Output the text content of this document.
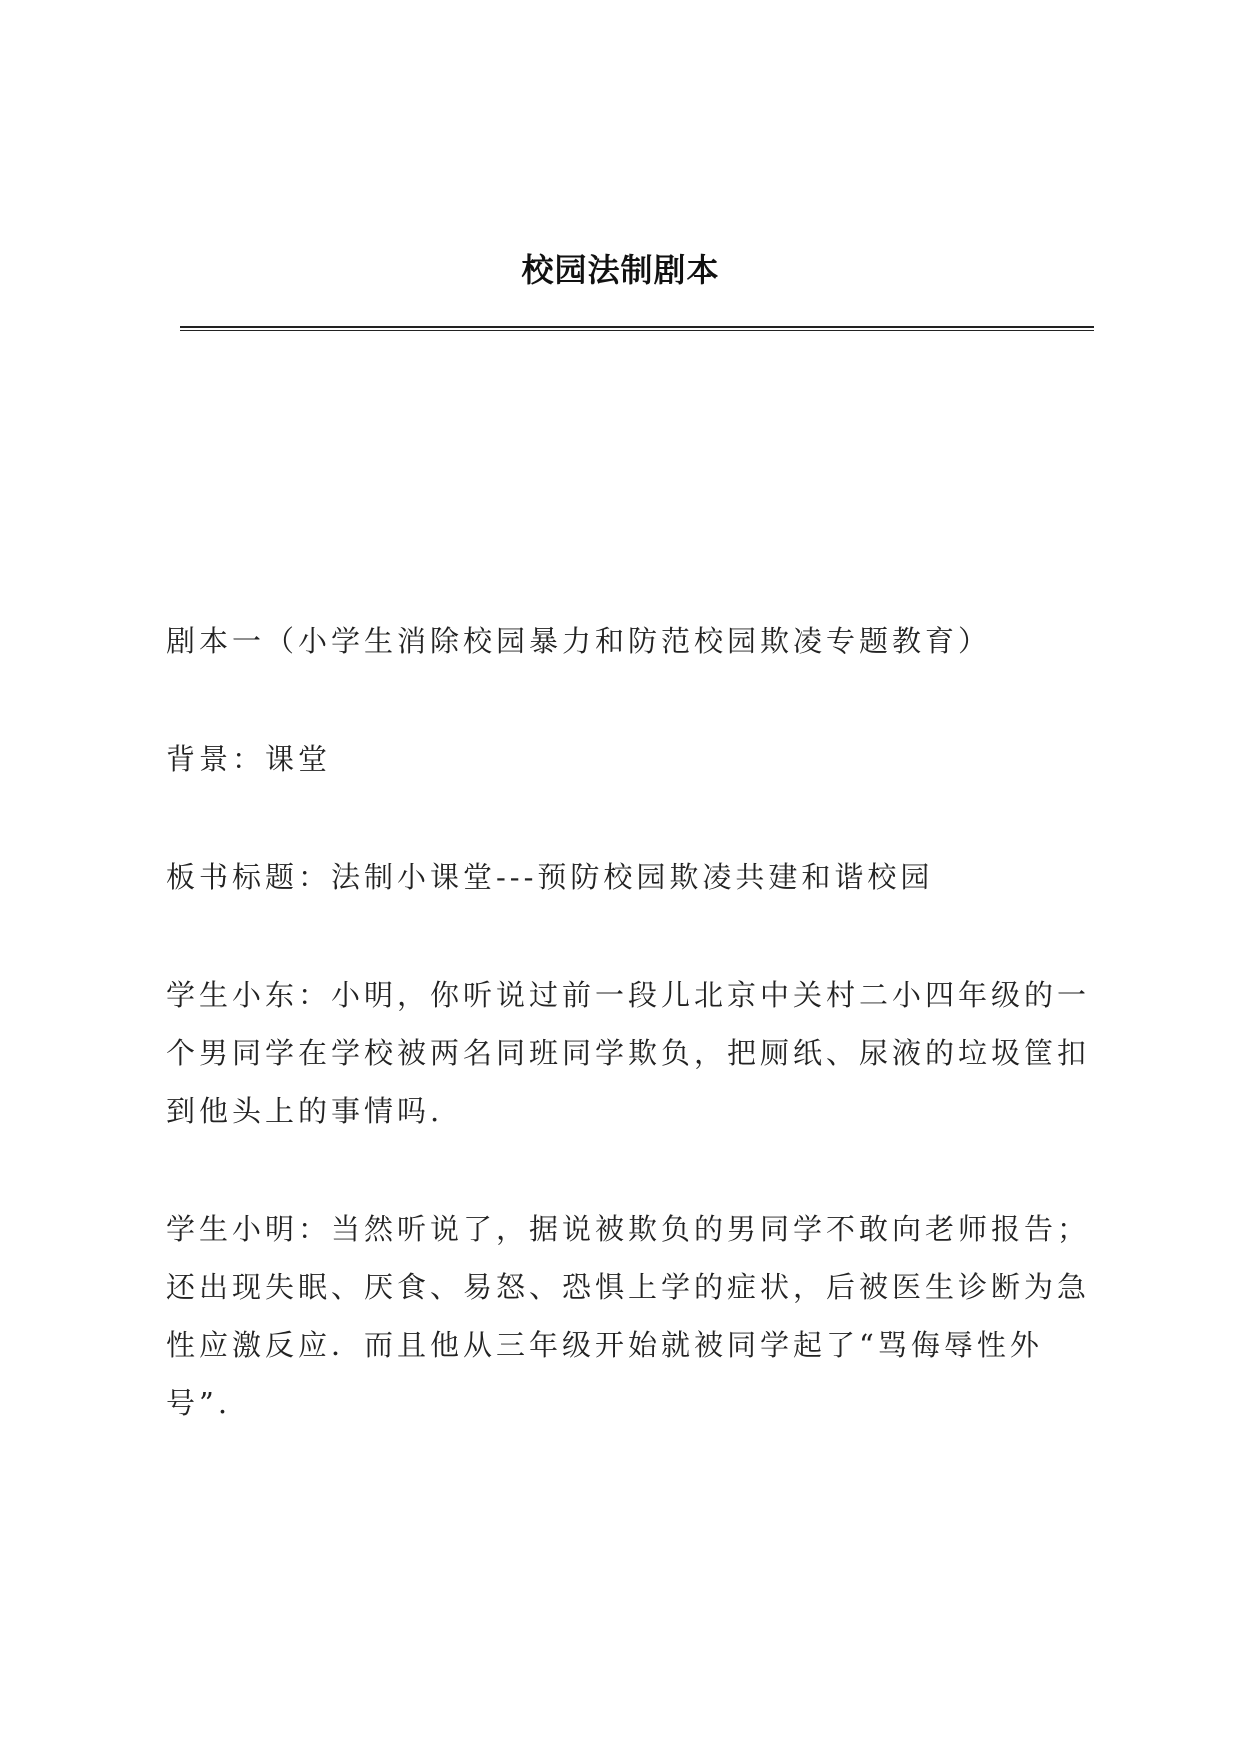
校园法制剧本

剧本一（小学生消除校园暴力和防范校园欺凌专题教育）

背景：课堂

板书标题：法制小课堂---预防校园欺凌共建和谐校园

学生小东：小明，你听说过前一段儿北京中关村二小四年级的一个男同学在学校被两名同班同学欺负，把厕纸、尿液的垃圾筐扣到他头上的事情吗.

学生小明：当然听说了，据说被欺负的男同学不敢向老师报告；还出现失眠、厌食、易怒、恐惧上学的症状，后被医生诊断为急性应激反应．而且他从三年级开始就被同学起了“骂侮辱性外号”.
